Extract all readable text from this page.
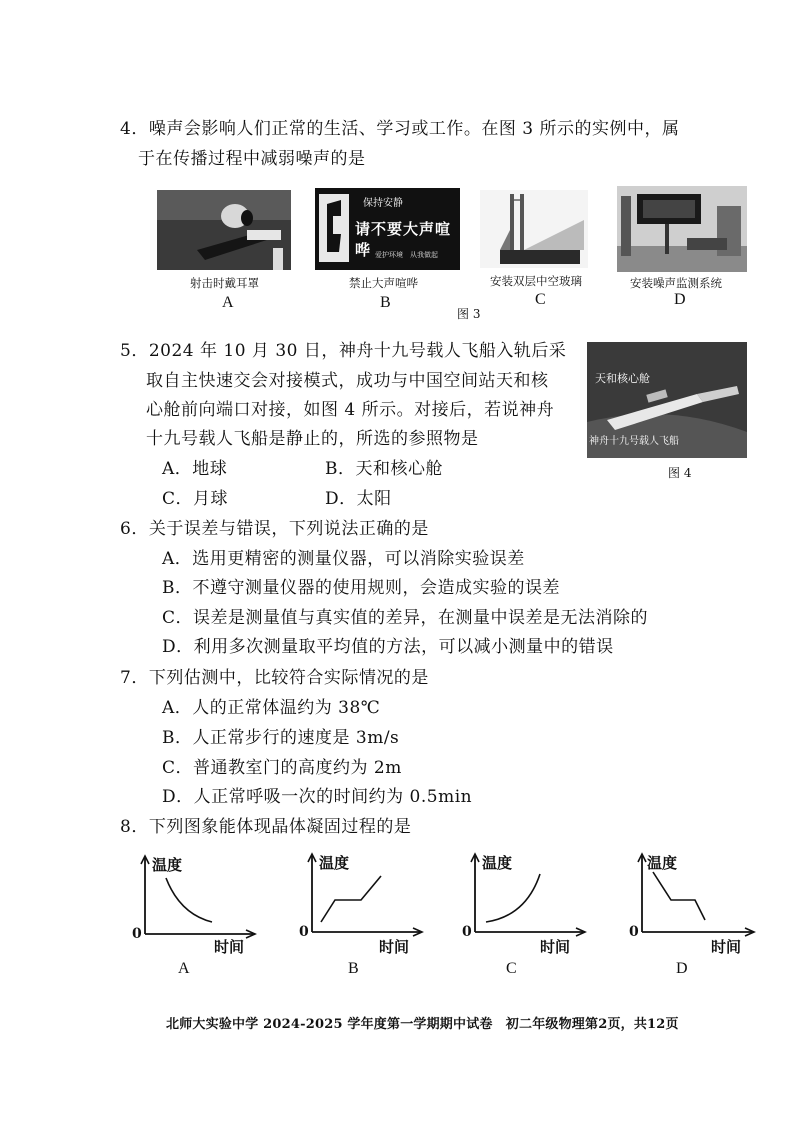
4．噪声会影响人们正常的生活、学习或工作。在图 3 所示的实例中，属
于在传播过程中减弱噪声的是
保持安静
请不要大声喧哗 爱护环境　从我做起
射击时戴耳罩	禁止大声喧哗	安装双层中空玻璃	安装噪声监测系统
A	B	C	D
图 3
5．2024 年 10 月 30 日，神舟十九号载人飞船入轨后采
取自主快速交会对接模式，成功与中国空间站天和核
心舱前向端口对接，如图 4 所示。对接后，若说神舟
十九号载人飞船是静止的，所选的参照物是
A．地球	B．天和核心舱
C．月球	D．太阳
天和核心舱
神舟十九号载人飞船
图 4
6．关于误差与错误，下列说法正确的是
A．选用更精密的测量仪器，可以消除实验误差
B．不遵守测量仪器的使用规则，会造成实验的误差
C．误差是测量值与真实值的差异，在测量中误差是无法消除的
D．利用多次测量取平均值的方法，可以减小测量中的错误
7．下列估测中，比较符合实际情况的是
A．人的正常体温约为 38℃
B．人正常步行的速度是 3m/s
C．普通教室门的高度约为 2m
D．人正常呼吸一次的时间约为 0.5min
8．下列图象能体现晶体凝固过程的是
温度
0
时间
A
温度
0
时间
B
温度
0
时间
C
温度
0
时间
D
北师大实验中学 2024-2025 学年度第一学期期中试卷　初二年级物理第2页，共12页
